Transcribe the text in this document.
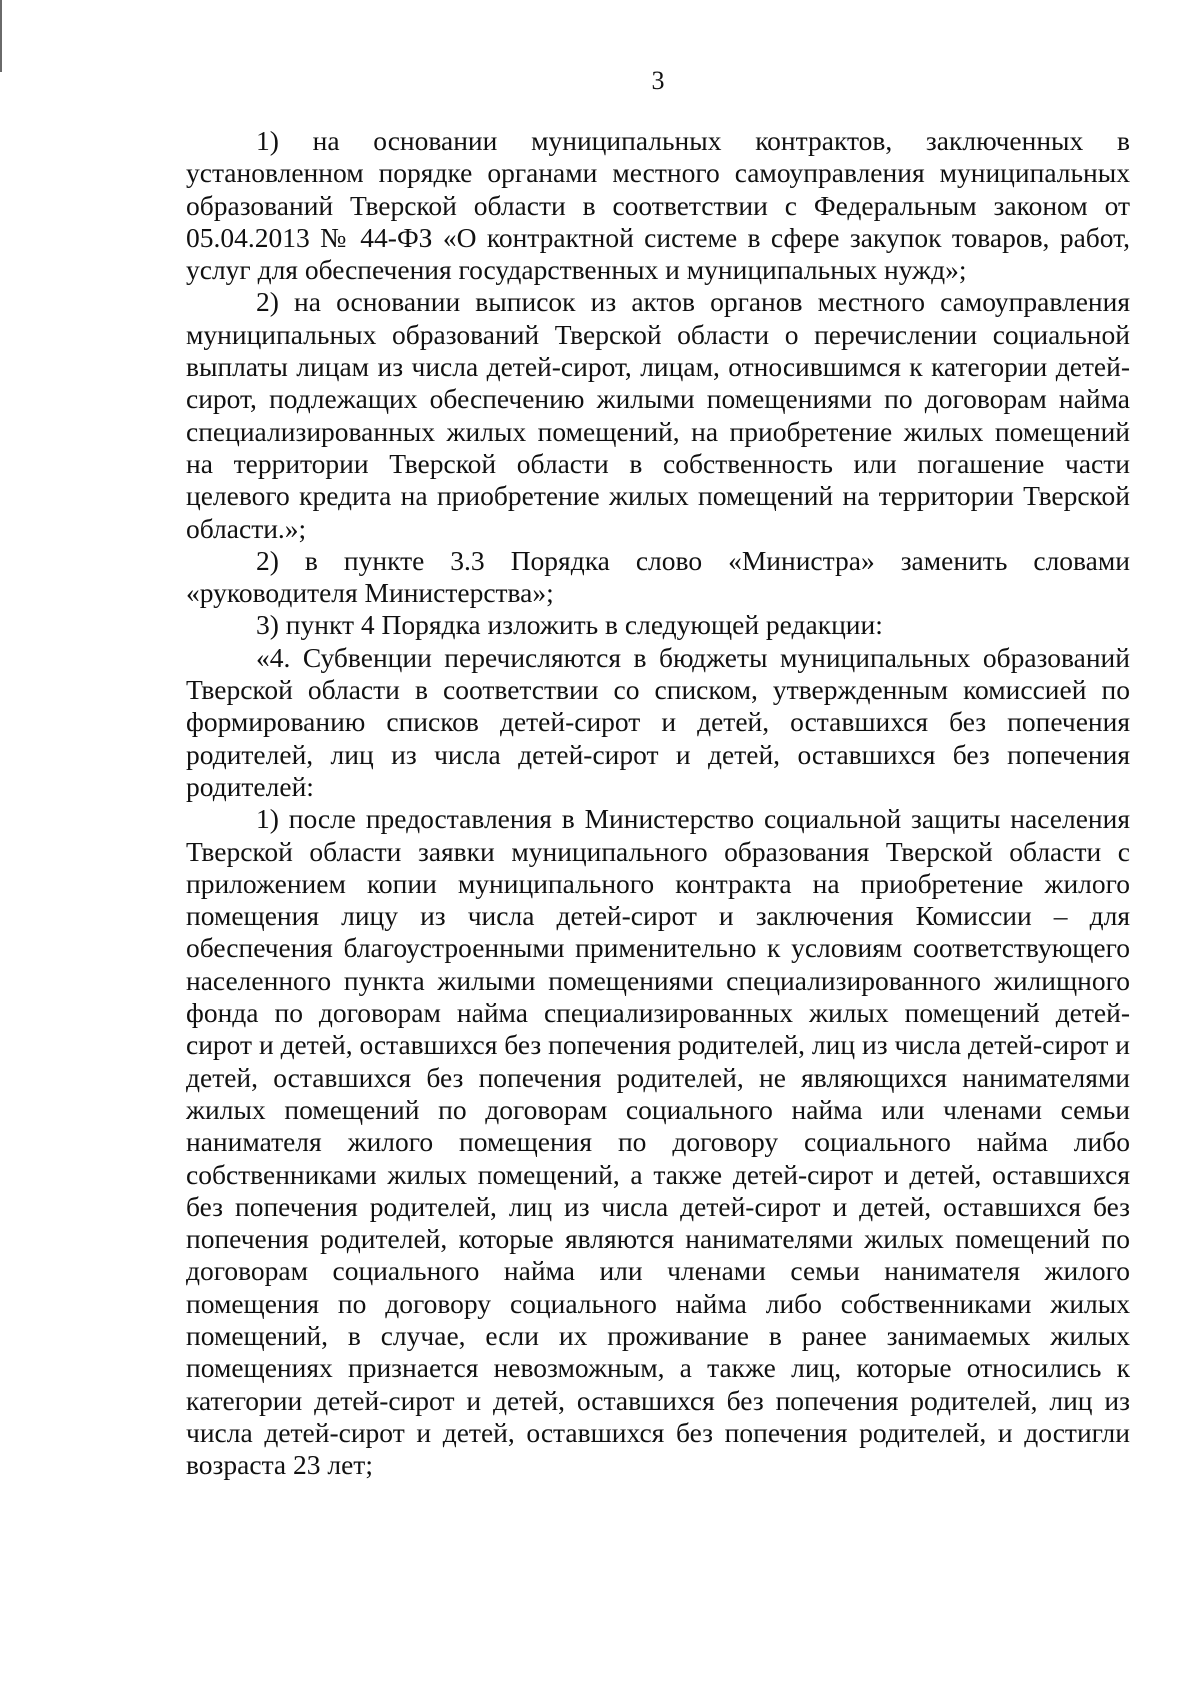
3

1) на основании муниципальных контрактов, заключенных в установленном порядке органами местного самоуправления муниципальных образований Тверской области в соответствии с Федеральным законом от 05.04.2013 № 44-ФЗ «О контрактной системе в сфере закупок товаров, работ, услуг для обеспечения государственных и муниципальных нужд»;

2) на основании выписок из актов органов местного самоуправления муниципальных образований Тверской области о перечислении социальной выплаты лицам из числа детей-сирот, лицам, относившимся к категории детей-сирот, подлежащих обеспечению жилыми помещениями по договорам найма специализированных жилых помещений, на приобретение жилых помещений на территории Тверской области в собственность или погашение части целевого кредита на приобретение жилых помещений на территории Тверской области.»;

2) в пункте 3.3 Порядка слово «Министра» заменить словами «руководителя Министерства»;

3) пункт 4 Порядка изложить в следующей редакции:

«4. Субвенции перечисляются в бюджеты муниципальных образований Тверской области в соответствии со списком, утвержденным комиссией по формированию списков детей-сирот и детей, оставшихся без попечения родителей, лиц из числа детей-сирот и детей, оставшихся без попечения родителей:

1) после предоставления в Министерство социальной защиты населения Тверской области заявки муниципального образования Тверской области с приложением копии муниципального контракта на приобретение жилого помещения лицу из числа детей-сирот и заключения Комиссии – для обеспечения благоустроенными применительно к условиям соответствующего населенного пункта жилыми помещениями специализированного жилищного фонда по договорам найма специализированных жилых помещений детей-сирот и детей, оставшихся без попечения родителей, лиц из числа детей-сирот и детей, оставшихся без попечения родителей, не являющихся нанимателями жилых помещений по договорам социального найма или членами семьи нанимателя жилого помещения по договору социального найма либо собственниками жилых помещений, а также детей-сирот и детей, оставшихся без попечения родителей, лиц из числа детей-сирот и детей, оставшихся без попечения родителей, которые являются нанимателями жилых помещений по договорам социального найма или членами семьи нанимателя жилого помещения по договору социального найма либо собственниками жилых помещений, в случае, если их проживание в ранее занимаемых жилых помещениях признается невозможным, а также лиц, которые относились к категории детей-сирот и детей, оставшихся без попечения родителей, лиц из числа детей-сирот и детей, оставшихся без попечения родителей, и достигли возраста 23 лет;
